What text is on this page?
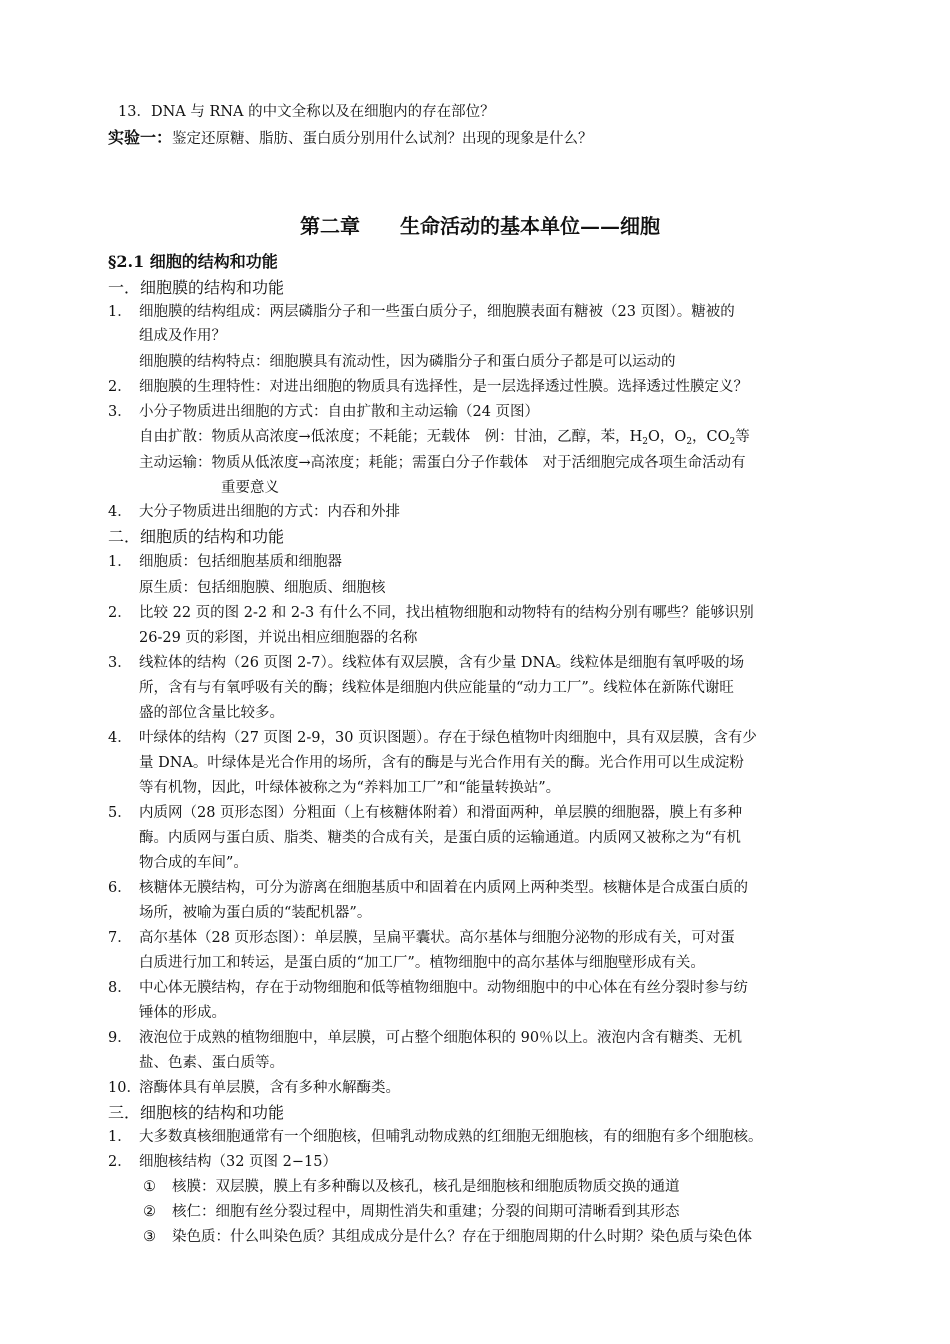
13．DNA 与 RNA 的中文全称以及在细胞内的存在部位？
实验一：鉴定还原糖、脂肪、蛋白质分别用什么试剂？出现的现象是什么？
第二章　　生命活动的基本单位——细胞
§2.1 细胞的结构和功能
一．细胞膜的结构和功能
1． 细胞膜的结构组成：两层磷脂分子和一些蛋白质分子，细胞膜表面有糖被（23 页图）。糖被的
组成及作用？
细胞膜的结构特点：细胞膜具有流动性，因为磷脂分子和蛋白质分子都是可以运动的
2． 细胞膜的生理特性：对进出细胞的物质具有选择性，是一层选择透过性膜。选择透过性膜定义？
3． 小分子物质进出细胞的方式：自由扩散和主动运输（24 页图）
自由扩散：物质从高浓度→低浓度；不耗能；无载体　例：甘油，乙醇，苯，$H_2O$，$O_2$，$CO_2$等
主动运输：物质从低浓度→高浓度；耗能；需蛋白分子作载体　对于活细胞完成各项生命活动有
重要意义
4． 大分子物质进出细胞的方式：内吞和外排
二．细胞质的结构和功能
1． 细胞质：包括细胞基质和细胞器
原生质：包括细胞膜、细胞质、细胞核
2． 比较 22 页的图 2-2 和 2-3 有什么不同，找出植物细胞和动物特有的结构分别有哪些？能够识别
26-29 页的彩图，并说出相应细胞器的名称
3． 线粒体的结构（26 页图 2-7）。线粒体有双层膜，含有少量 DNA。线粒体是细胞有氧呼吸的场
所，含有与有氧呼吸有关的酶；线粒体是细胞内供应能量的“动力工厂”。线粒体在新陈代谢旺
盛的部位含量比较多。
4． 叶绿体的结构（27 页图 2-9，30 页识图题）。存在于绿色植物叶肉细胞中，具有双层膜，含有少
量 DNA。叶绿体是光合作用的场所，含有的酶是与光合作用有关的酶。光合作用可以生成淀粉
等有机物，因此，叶绿体被称之为“养料加工厂”和“能量转换站”。
5． 内质网（28 页形态图）分粗面（上有核糖体附着）和滑面两种，单层膜的细胞器，膜上有多种
酶。内质网与蛋白质、脂类、糖类的合成有关，是蛋白质的运输通道。内质网又被称之为“有机
物合成的车间”。
6． 核糖体无膜结构，可分为游离在细胞基质中和固着在内质网上两种类型。核糖体是合成蛋白质的
场所，被喻为蛋白质的“装配机器”。
7． 高尔基体（28 页形态图）：单层膜，呈扁平囊状。高尔基体与细胞分泌物的形成有关，可对蛋
白质进行加工和转运，是蛋白质的“加工厂”。植物细胞中的高尔基体与细胞壁形成有关。
8． 中心体无膜结构，存在于动物细胞和低等植物细胞中。动物细胞中的中心体在有丝分裂时参与纺
锤体的形成。
9． 液泡位于成熟的植物细胞中，单层膜，可占整个细胞体积的 90％以上。液泡内含有糖类、无机
盐、色素、蛋白质等。
10．
溶酶体具有单层膜，含有多种水解酶类。
三．细胞核的结构和功能
1． 大多数真核细胞通常有一个细胞核，但哺乳动物成熟的红细胞无细胞核，有的细胞有多个细胞核。
2． 细胞核结构（32 页图 2−15）
① 核膜：双层膜，膜上有多种酶以及核孔，核孔是细胞核和细胞质物质交换的通道
② 核仁：细胞有丝分裂过程中，周期性消失和重建；分裂的间期可清晰看到其形态
③ 染色质：什么叫染色质？其组成成分是什么？存在于细胞周期的什么时期？染色质与染色体
